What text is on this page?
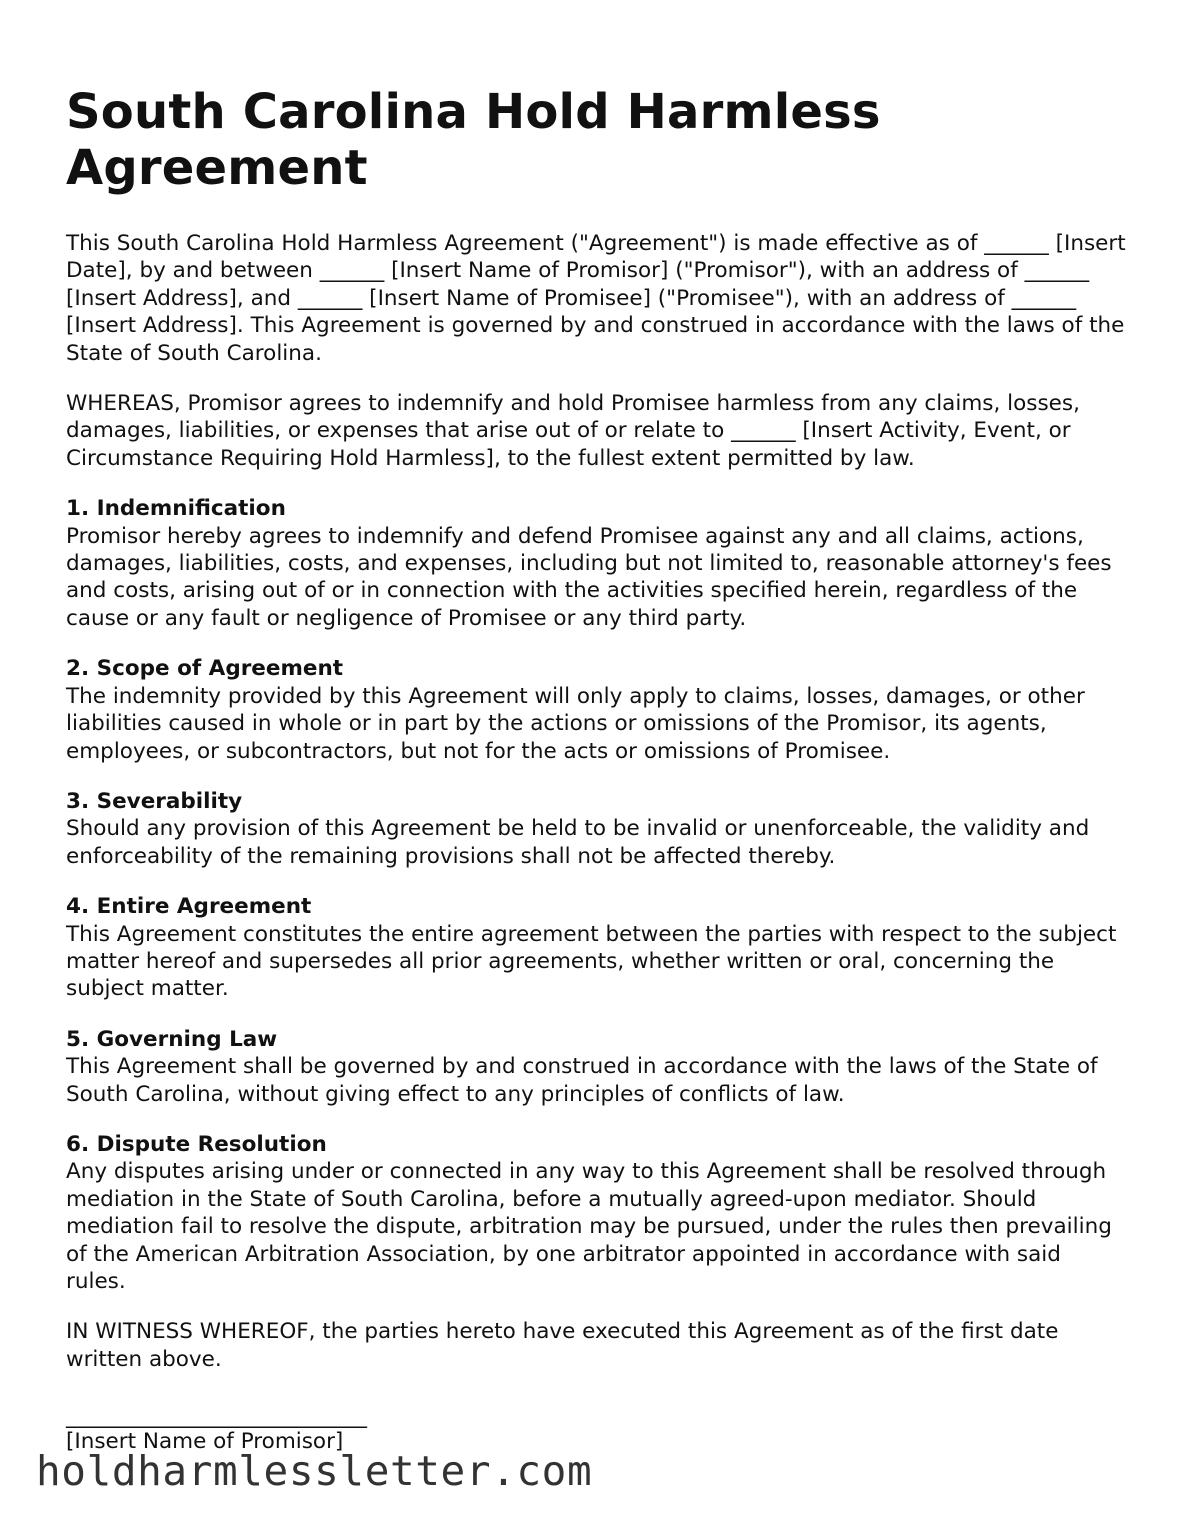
South Carolina Hold Harmless Agreement

This South Carolina Hold Harmless Agreement ("Agreement") is made effective as of ______ [Insert Date], by and between ______ [Insert Name of Promisor] ("Promisor"), with an address of ______ [Insert Address], and ______ [Insert Name of Promisee] ("Promisee"), with an address of ______ [Insert Address]. This Agreement is governed by and construed in accordance with the laws of the State of South Carolina.

WHEREAS, Promisor agrees to indemnify and hold Promisee harmless from any claims, losses, damages, liabilities, or expenses that arise out of or relate to ______ [Insert Activity, Event, or Circumstance Requiring Hold Harmless], to the fullest extent permitted by law.

1. Indemnification

Promisor hereby agrees to indemnify and defend Promisee against any and all claims, actions, damages, liabilities, costs, and expenses, including but not limited to, reasonable attorney's fees and costs, arising out of or in connection with the activities specified herein, regardless of the cause or any fault or negligence of Promisee or any third party.

2. Scope of Agreement

The indemnity provided by this Agreement will only apply to claims, losses, damages, or other liabilities caused in whole or in part by the actions or omissions of the Promisor, its agents, employees, or subcontractors, but not for the acts or omissions of Promisee.

3. Severability

Should any provision of this Agreement be held to be invalid or unenforceable, the validity and enforceability of the remaining provisions shall not be affected thereby.

4. Entire Agreement

This Agreement constitutes the entire agreement between the parties with respect to the subject matter hereof and supersedes all prior agreements, whether written or oral, concerning the subject matter.

5. Governing Law

This Agreement shall be governed by and construed in accordance with the laws of the State of South Carolina, without giving effect to any principles of conflicts of law.

6. Dispute Resolution

Any disputes arising under or connected in any way to this Agreement shall be resolved through mediation in the State of South Carolina, before a mutually agreed-upon mediator. Should mediation fail to resolve the dispute, arbitration may be pursued, under the rules then prevailing of the American Arbitration Association, by one arbitrator appointed in accordance with said rules.

IN WITNESS WHEREOF, the parties hereto have executed this Agreement as of the first date written above.

____________________________
[Insert Name of Promisor]
holdharmlessletter.com
